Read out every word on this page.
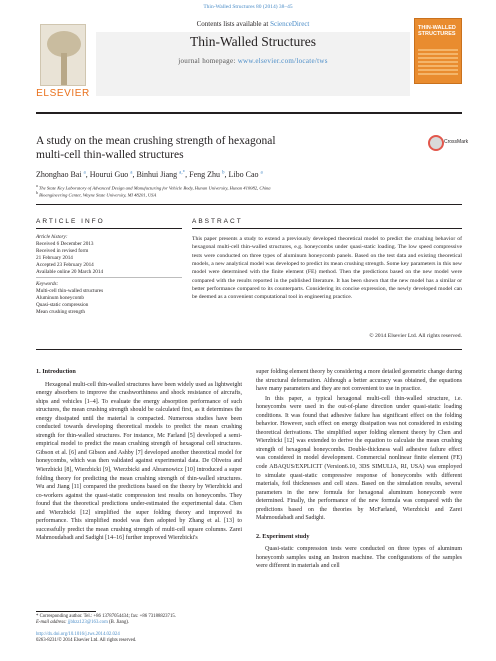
Thin-Walled Structures 80 (2014) 38–45
ELSEVIER
Contents lists available at ScienceDirect
Thin-Walled Structures
journal homepage: www.elsevier.com/locate/tws
THIN-WALLED STRUCTURES
A study on the mean crushing strength of hexagonal
multi-cell thin-walled structures
CrossMark
Zhonghao Bai $^a$, Hourui Guo $^a$, Binhui Jiang $^{a,*}$, Feng Zhu $^b$, Libo Cao $^a$
$^a$ The State Key Laboratory of Advanced Design and Manufacturing for Vehicle Body, Hunan University, Hunan 410082, China
$^b$ Bioengineering Center, Wayne State University, MI 48201, USA
ARTICLE INFO	ABSTRACT
Article history:
Received 6 December 2013
Received in revised form
21 February 2014
Accepted 23 February 2014
Available online 20 March 2014
Keywords:
Multi-cell thin-walled structures
Aluminum honeycomb
Quasi-static compression
Mean crushing strength
This paper presents a study to extend a previously developed theoretical model to predict the crushing behavior of hexagonal multi-cell thin-walled structures, e.g. honeycombs under quasi-static loading. The low speed compressive tests were conducted on three types of aluminum honeycomb panels. Based on the test data and existing theoretical models, a new analytical model was developed to predict its mean crushing strength. Some key parameters in this new model were determined with the finite element (FE) method. Then the predictions based on the new model were compared with the results reported in the published literature. It has been shown that the new model has a similar or better performance compared to its counterparts. Considering its concise expression, the newly developed model can be deemed as a convenient computational tool in engineering practice.
© 2014 Elsevier Ltd. All rights reserved.
1. Introduction

Hexagonal multi-cell thin-walled structures have been widely used as lightweight energy absorbers to improve the crashworthiness and shock resistance of aircrafts, ships and vehicles [1–4]. To evaluate the energy absorption performance of such structures, the mean crushing strength should be calculated first, as it determines the energy dissipated until the material is compacted. Numerous studies have been conducted towards developing theoretical models to predict the mean crushing strength for thin-walled structures. For instance, Mc Farland [5] developed a semi-empirical model to predict the mean crushing strength of hexagonal cell structures. Gibson et al. [6] and Gibson and Ashby [7] developed another theoretical model for honeycombs, which was then validated against experimental data. De Oliveira and Wierzbicki [8], Wierzbicki [9], Wierzbicki and Abramowicz [10] introduced a super folding theory for predicting the mean crushing strength of thin-walled structures. Wu and Jiang [11] compared the predictions based on the theory by Wierzbicki and co-workers against the quasi-static compression test results on honeycombs. They found that the theoretical predictions under-estimated the experimental data. Chen and Wierzbicki [12] simplified the super folding theory and improved its performance. This simplified model was then adopted by Zhang et al. [13] to successfully predict the mean crushing strength of multi-cell square columns. Zarei Mahmoudabadi and Sadighi [14–16] further improved Wierzbicki's

super folding element theory by considering a more detailed geometric change during the structural deformation. Although a better accuracy was obtained, the equations have many parameters and they are not convenient to use in practice.

In this paper, a typical hexagonal multi-cell thin-walled structure, i.e. honeycombs were used in the out-of-plane direction under quasi-static loading conditions. It was found that adhesive failure has significant effect on the folding behavior. However, such effect on energy dissipation was not considered in existing theoretical derivations. The simplified super folding element theory by Chen and Wierzbicki [12] was extended to derive the equation to calculate the mean crushing strength of hexagonal honeycombs. Double-thickness wall adhesive failure effect was considered in model development. Commercial nonlinear finite element (FE) code ABAQUS/EXPLICIT (Version6.10, 3DS SIMULIA, RI, USA) was employed to simulate quasi-static compressive response of honeycombs with different materials, foil thicknesses and cell sizes. Based on the simulation results, several parameters in the new formula for hexagonal aluminum honeycomb were determined. Finally, the performance of the new formula was compared with the predictions based on the theories by McFarland, Wierzbicki and Zarei Mahmoudabadi and Sadighi.

2. Experiment study

Quasi-static compression tests were conducted on three types of aluminum honeycomb samples using an Instron machine. The configurations of the samples were different in materials and cell

* Corresponding author. Tel.: +86 13787054434; fax: +86 73188823715.
E-mail address: jjbhzz123@163.com (B. Jiang).
http://dx.doi.org/10.1016/j.tws.2014.02.024
0263-8231/© 2014 Elsevier Ltd. All rights reserved.
